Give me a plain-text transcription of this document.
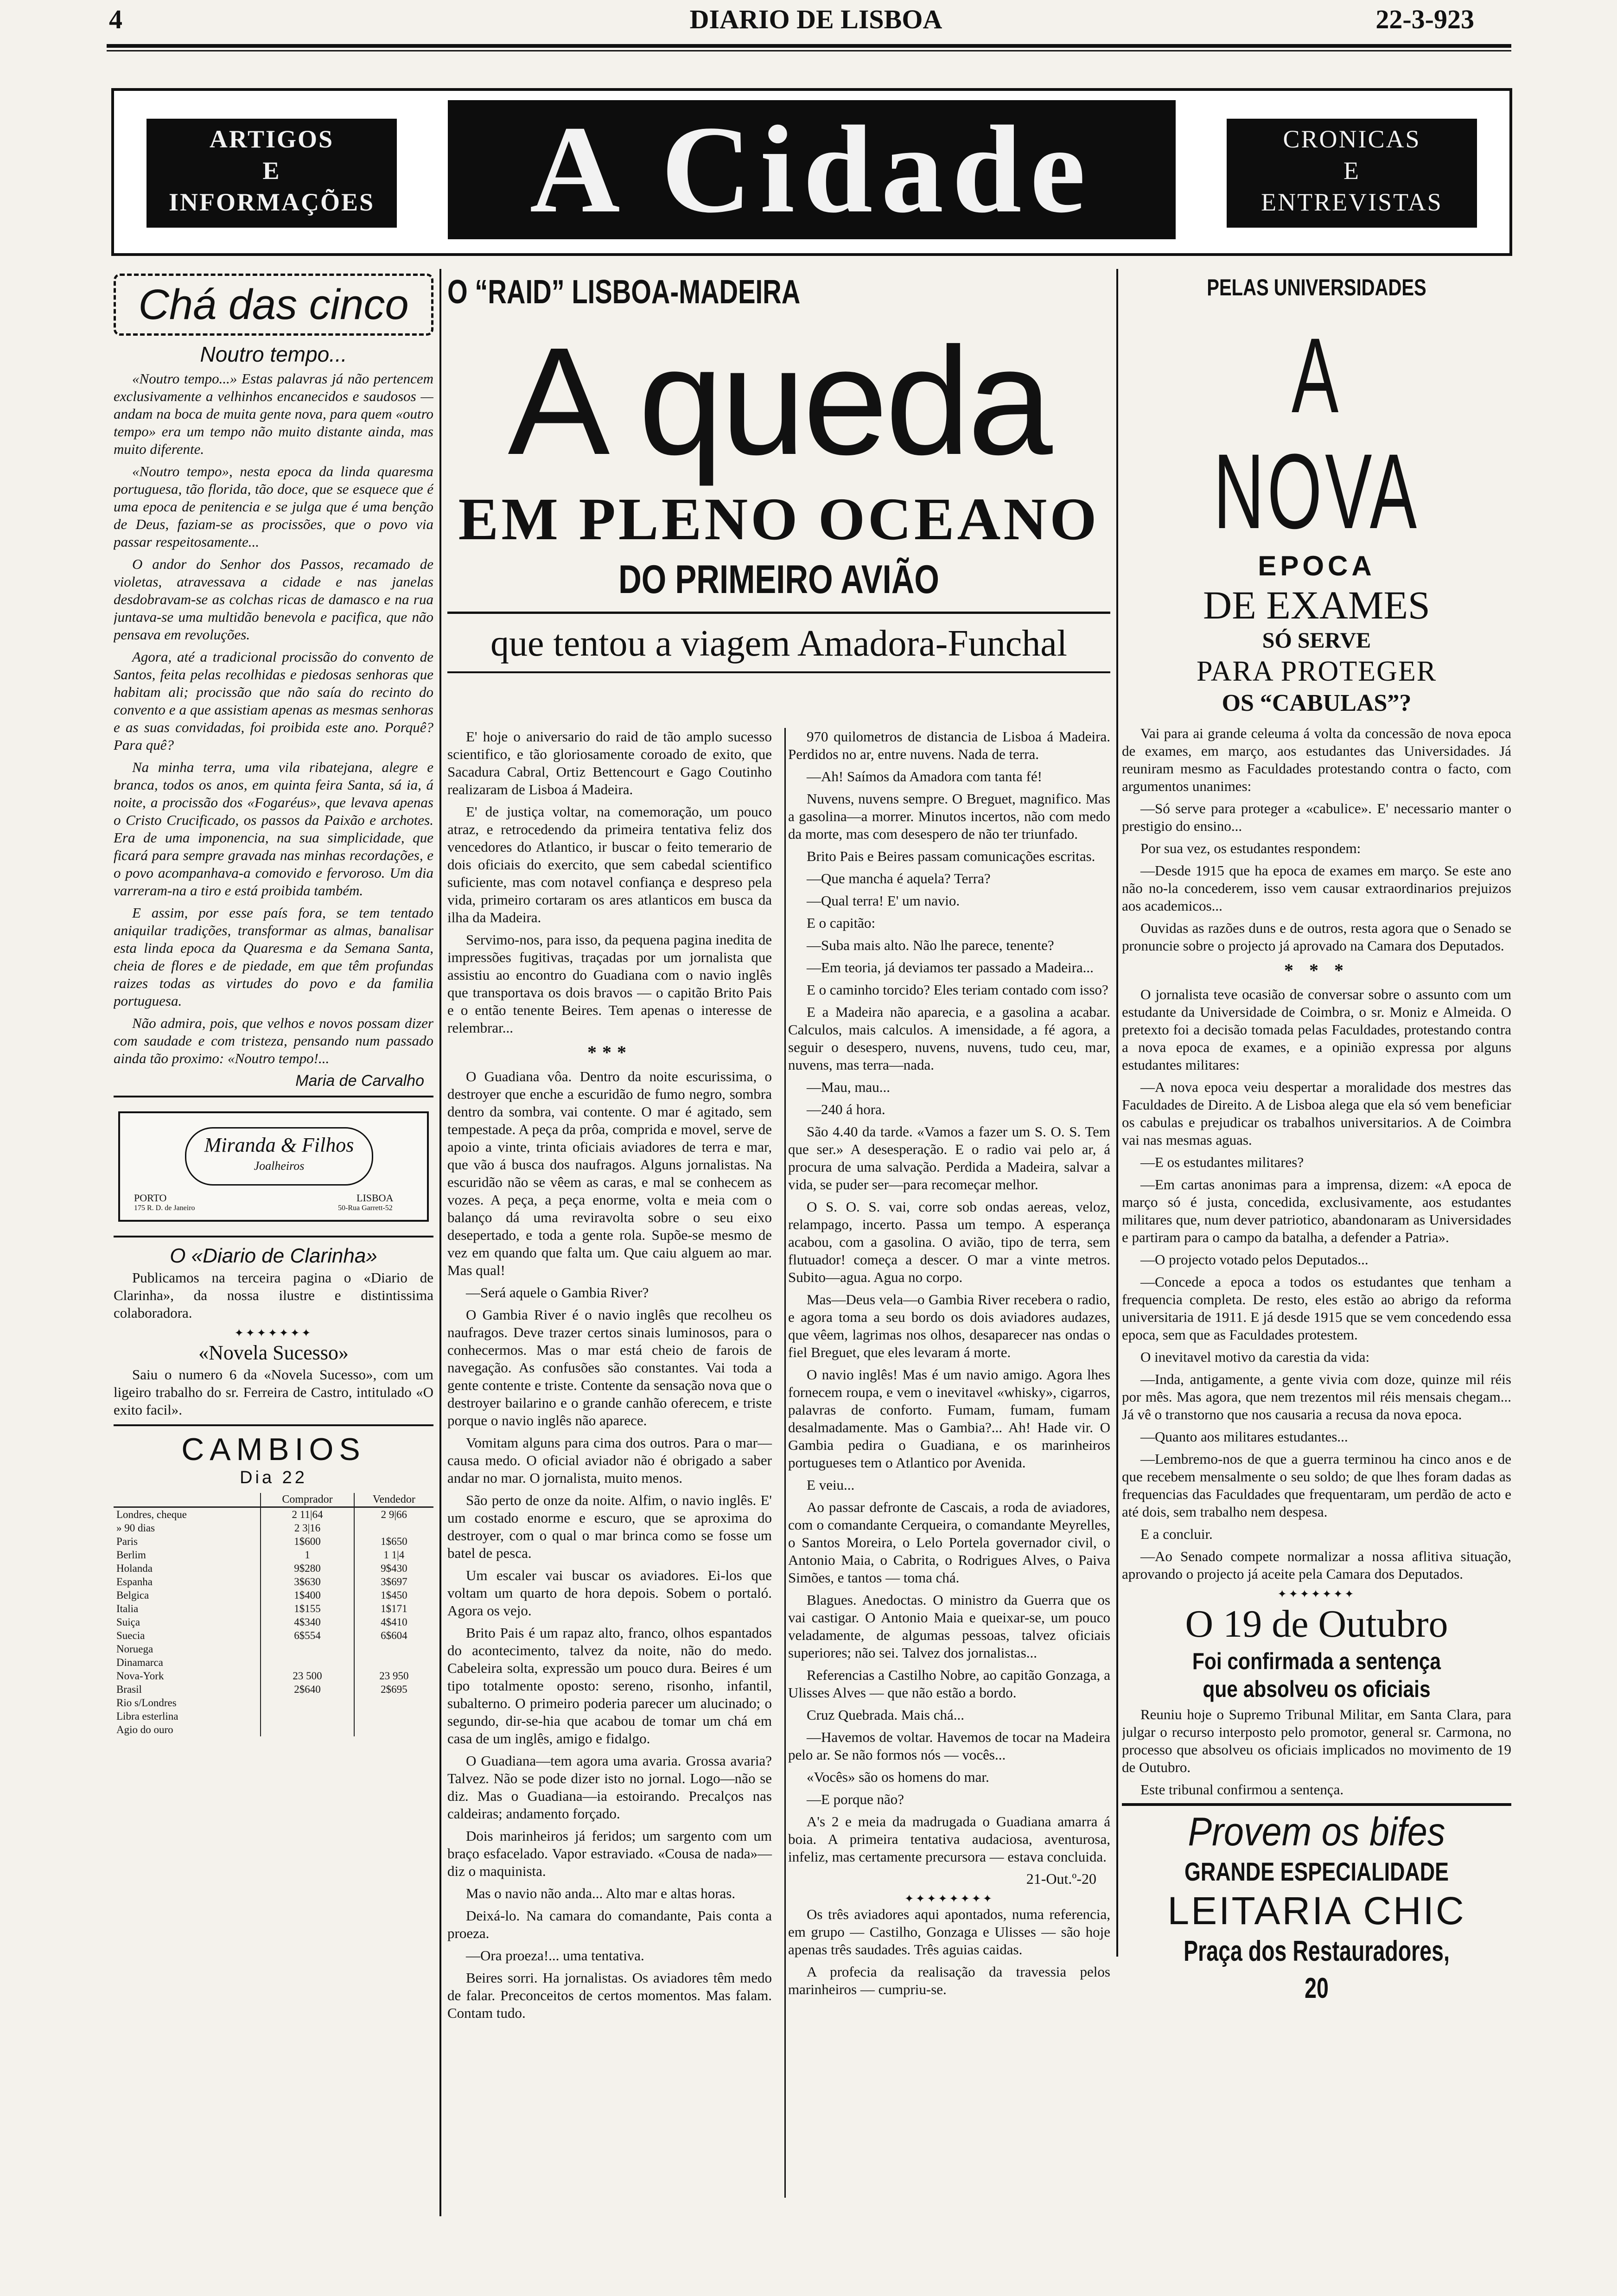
4	DIARIO DE LISBOA	22-3-923
ARTIGOS
E
INFORMAÇÕES	A Cidade	CRONICAS
E
ENTREVISTAS
Chá das cinco
Noutro tempo...

«Noutro tempo...» Estas palavras já não pertencem exclusivamente a velhinhos encanecidos e saudosos — andam na boca de muita gente nova, para quem «outro tempo» era um tempo não muito distante ainda, mas muito diferente.

«Noutro tempo», nesta epoca da linda quaresma portuguesa, tão florida, tão doce, que se esquece que é uma epoca de penitencia e se julga que é uma benção de Deus, faziam-se as procissões, que o povo via passar respeitosamente...

O andor do Senhor dos Passos, recamado de violetas, atravessava a cidade e nas janelas desdobravam-se as colchas ricas de damasco e na rua juntava-se uma multidão benevola e pacifica, que não pensava em revoluções.

Agora, até a tradicional procissão do convento de Santos, feita pelas recolhidas e piedosas senhoras que habitam ali; procissão que não saía do recinto do convento e a que assistiam apenas as mesmas senhoras e as suas convidadas, foi proibida este ano. Porquê? Para quê?

Na minha terra, uma vila ribatejana, alegre e branca, todos os anos, em quinta feira Santa, sá ia, á noite, a procissão dos «Fogaréus», que levava apenas o Cristo Crucificado, os passos da Paixão e archotes. Era de uma imponencia, na sua simplicidade, que ficará para sempre gravada nas minhas recordações, e o povo acompanhava-a comovido e fervoroso. Um dia varreram-na a tiro e está proibida também.

E assim, por esse país fora, se tem tentado aniquilar tradições, transformar as almas, banalisar esta linda epoca da Quaresma e da Semana Santa, cheia de flores e de piedade, em que têm profundas raizes todas as virtudes do povo e da familia portuguesa.

Não admira, pois, que velhos e novos possam dizer com saudade e com tristeza, pensando num passado ainda tão proximo: «Noutro tempo!...

Maria de Carvalho
Miranda & Filhos
Joalheiros
PORTO
175 R. D. de Janeiro
LISBOA
50-Rua Garrett-52
O «Diario de Clarinha»

Publicamos na terceira pagina o «Diario de Clarinha», da nossa ilustre e distintissima colaboradora.

✦✦✦✦✦✦✦
«Novela Sucesso»

Saiu o numero 6 da «Novela Sucesso», com um ligeiro trabalho do sr. Ferreira de Castro, intitulado «O exito facil».

CAMBIOS
Dia 22
	Comprador	Vendedor
Londres, cheque	2 11|64	2 9|66
» 90 dias	2 3|16	
Paris	1$600	1$650
Berlim	1	1 1|4
Holanda	9$280	9$430
Espanha	3$630	3$697
Belgica	1$400	1$450
Italia	1$155	1$171
Suiça	4$340	4$410
Suecia	6$554	6$604
Noruega		
Dinamarca		
Nova-York	23 500	23 950
Brasil	2$640	2$695
Rio s/Londres		
Libra esterlina		
Agio do ouro		
O “RAID” LISBOA-MADEIRA
A queda
EM PLENO OCEANO
DO PRIMEIRO AVIÃO
que tentou a viagem Amadora-Funchal

E' hoje o aniversario do raid de tão amplo sucesso scientifico, e tão gloriosamente coroado de exito, que Sacadura Cabral, Ortiz Bettencourt e Gago Coutinho realizaram de Lisboa á Madeira.

E' de justiça voltar, na comemoração, um pouco atraz, e retrocedendo da primeira tentativa feliz dos vencedores do Atlantico, ir buscar o feito temerario de dois oficiais do exercito, que sem cabedal scientifico suficiente, mas com notavel confiança e despreso pela vida, primeiro cortaram os ares atlanticos em busca da ilha da Madeira.

Servimo-nos, para isso, da pequena pagina inedita de impressões fugitivas, traçadas por um jornalista que assistiu ao encontro do Guadiana com o navio inglês que transportava os dois bravos — o capitão Brito Pais e o então tenente Beires. Tem apenas o interesse de relembrar...

***

O Guadiana vôa. Dentro da noite escurissima, o destroyer que enche a escuridão de fumo negro, sombra dentro da sombra, vai contente. O mar é agitado, sem tempestade. A peça da prôa, comprida e movel, serve de apoio a vinte, trinta oficiais aviadores de terra e mar, que vão á busca dos naufragos. Alguns jornalistas. Na escuridão não se vêem as caras, e mal se conhecem as vozes. A peça, a peça enorme, volta e meia com o balanço dá uma reviravolta sobre o seu eixo desepertado, e toda a gente rola. Supõe-se mesmo de vez em quando que falta um. Que caiu alguem ao mar. Mas qual!

—Será aquele o Gambia River?

O Gambia River é o navio inglês que recolheu os naufragos. Deve trazer certos sinais luminosos, para o conhecermos. Mas o mar está cheio de farois de navegação. As confusões são constantes. Vai toda a gente contente e triste. Contente da sensação nova que o destroyer bailarino e o grande canhão oferecem, e triste porque o navio inglês não aparece.

Vomitam alguns para cima dos outros. Para o mar—causa medo. O oficial aviador não é obrigado a saber andar no mar. O jornalista, muito menos.

São perto de onze da noite. Alfim, o navio inglês. E' um costado enorme e escuro, que se aproxima do destroyer, com o qual o mar brinca como se fosse um batel de pesca.

Um escaler vai buscar os aviadores. Ei-los que voltam um quarto de hora depois. Sobem o portaló. Agora os vejo.

Brito Pais é um rapaz alto, franco, olhos espantados do acontecimento, talvez da noite, não do medo. Cabeleira solta, expressão um pouco dura. Beires é um tipo totalmente oposto: sereno, risonho, infantil, subalterno. O primeiro poderia parecer um alucinado; o segundo, dir-se-hia que acabou de tomar um chá em casa de um inglês, amigo e fidalgo.

O Guadiana—tem agora uma avaria. Grossa avaria? Talvez. Não se pode dizer isto no jornal. Logo—não se diz. Mas o Guadiana—ia estoirando. Precalços nas caldeiras; andamento forçado.

Dois marinheiros já feridos; um sargento com um braço esfacelado. Vapor estraviado. «Cousa de nada»—diz o maquinista.

Mas o navio não anda... Alto mar e altas horas.

Deixá-lo. Na camara do comandante, Pais conta a proeza.

—Ora proeza!... uma tentativa.

Beires sorri. Ha jornalistas. Os aviadores têm medo de falar. Preconceitos de certos momentos. Mas falam. Contam tudo.

970 quilometros de distancia de Lisboa á Madeira. Perdidos no ar, entre nuvens. Nada de terra.

—Ah! Saímos da Amadora com tanta fé!

Nuvens, nuvens sempre. O Breguet, magnifico. Mas a gasolina—a morrer. Minutos incertos, não com medo da morte, mas com desespero de não ter triunfado.

Brito Pais e Beires passam comunicações escritas.

—Que mancha é aquela? Terra?

—Qual terra! E' um navio.

E o capitão:

—Suba mais alto. Não lhe parece, tenente?

—Em teoria, já deviamos ter passado a Madeira...

E o caminho torcido? Eles teriam contado com isso?

E a Madeira não aparecia, e a gasolina a acabar. Calculos, mais calculos. A imensidade, a fé agora, a seguir o desespero, nuvens, nuvens, tudo ceu, mar, nuvens, mas terra—nada.

—Mau, mau...

—240 á hora.

São 4.40 da tarde. «Vamos a fazer um S. O. S. Tem que ser.» A desesperação. E o radio vai pelo ar, á procura de uma salvação. Perdida a Madeira, salvar a vida, se puder ser—para recomeçar melhor.

O S. O. S. vai, corre sob ondas aereas, veloz, relampago, incerto. Passa um tempo. A esperança acabou, com a gasolina. O avião, tipo de terra, sem flutuador! começa a descer. O mar a vinte metros. Subito—agua. Agua no corpo.

Mas—Deus vela—o Gambia River recebera o radio, e agora toma a seu bordo os dois aviadores audazes, que vêem, lagrimas nos olhos, desaparecer nas ondas o fiel Breguet, que eles levaram á morte.

O navio inglês! Mas é um navio amigo. Agora lhes fornecem roupa, e vem o inevitavel «whisky», cigarros, palavras de conforto. Fumam, fumam, fumam desalmadamente. Mas o Gambia?... Ah! Hade vir. O Gambia pedira o Guadiana, e os marinheiros portugueses tem o Atlantico por Avenida.

E veiu...

Ao passar defronte de Cascais, a roda de aviadores, com o comandante Cerqueira, o comandante Meyrelles, o Santos Moreira, o Lelo Portela governador civil, o Antonio Maia, o Cabrita, o Rodrigues Alves, o Paiva Simões, e tantos — toma chá.

Blagues. Anedoctas. O ministro da Guerra que os vai castigar. O Antonio Maia e queixar-se, um pouco veladamente, de algumas pessoas, talvez oficiais superiores; não sei. Talvez dos jornalistas...

Referencias a Castilho Nobre, ao capitão Gonzaga, a Ulisses Alves — que não estão a bordo.

Cruz Quebrada. Mais chá...

—Havemos de voltar. Havemos de tocar na Madeira pelo ar. Se não formos nós — vocês...

«Vocês» são os homens do mar.

—E porque não?

A's 2 e meia da madrugada o Guadiana amarra á boia. A primeira tentativa audaciosa, aventurosa, infeliz, mas certamente precursora — estava concluida.

21-Out.º-20
✦✦✦✦✦✦✦✦

Os três aviadores aqui apontados, numa referencia, em grupo — Castilho, Gonzaga e Ulisses — são hoje apenas três saudades. Três aguias caidas.

A profecia da realisação da travessia pelos marinheiros — cumpriu-se.

PELAS UNIVERSIDADES
A NOVA
EPOCA
DE EXAMES
SÓ SERVE
PARA PROTEGER
OS “CABULAS”?

Vai para ai grande celeuma á volta da concessão de nova epoca de exames, em março, aos estudantes das Universidades. Já reuniram mesmo as Faculdades protestando contra o facto, com argumentos unanimes:

—Só serve para proteger a «cabulice». E' necessario manter o prestigio do ensino...

Por sua vez, os estudantes respondem:

—Desde 1915 que ha epoca de exames em março. Se este ano não no-la concederem, isso vem causar extraordinarios prejuizos aos academicos...

Ouvidas as razões duns e de outros, resta agora que o Senado se pronuncie sobre o projecto já aprovado na Camara dos Deputados.

* * *

O jornalista teve ocasião de conversar sobre o assunto com um estudante da Universidade de Coimbra, o sr. Moniz e Almeida. O pretexto foi a decisão tomada pelas Faculdades, protestando contra a nova epoca de exames, e a opinião expressa por alguns estudantes militares:

—A nova epoca veiu despertar a moralidade dos mestres das Faculdades de Direito. A de Lisboa alega que ela só vem beneficiar os cabulas e prejudicar os trabalhos universitarios. A de Coimbra vai nas mesmas aguas.

—E os estudantes militares?

—Em cartas anonimas para a imprensa, dizem: «A epoca de março só é justa, concedida, exclusivamente, aos estudantes militares que, num dever patriotico, abandonaram as Universidades e partiram para o campo da batalha, a defender a Patria».

—O projecto votado pelos Deputados...

—Concede a epoca a todos os estudantes que tenham a frequencia completa. De resto, eles estão ao abrigo da reforma universitaria de 1911. E já desde 1915 que se vem concedendo essa epoca, sem que as Faculdades protestem.

O inevitavel motivo da carestia da vida:

—Inda, antigamente, a gente vivia com doze, quinze mil réis por mês. Mas agora, que nem trezentos mil réis mensais chegam... Já vê o transtorno que nos causaria a recusa da nova epoca.

—Quanto aos militares estudantes...

—Lembremo-nos de que a guerra terminou ha cinco anos e de que recebem mensalmente o seu soldo; de que lhes foram dadas as frequencias das Faculdades que frequentaram, um perdão de acto e até dois, sem trabalho nem despesa.

E a concluir.

—Ao Senado compete normalizar a nossa aflitiva situação, aprovando o projecto já aceite pela Camara dos Deputados.

✦✦✦✦✦✦✦
O 19 de Outubro
Foi confirmada a sentença
que absolveu os oficiais

Reuniu hoje o Supremo Tribunal Militar, em Santa Clara, para julgar o recurso interposto pelo promotor, general sr. Carmona, no processo que absolveu os oficiais implicados no movimento de 19 de Outubro.

Este tribunal confirmou a sentença.

Provem os bifes
GRANDE ESPECIALIDADE
LEITARIA CHIC
Praça dos Restauradores, 20
